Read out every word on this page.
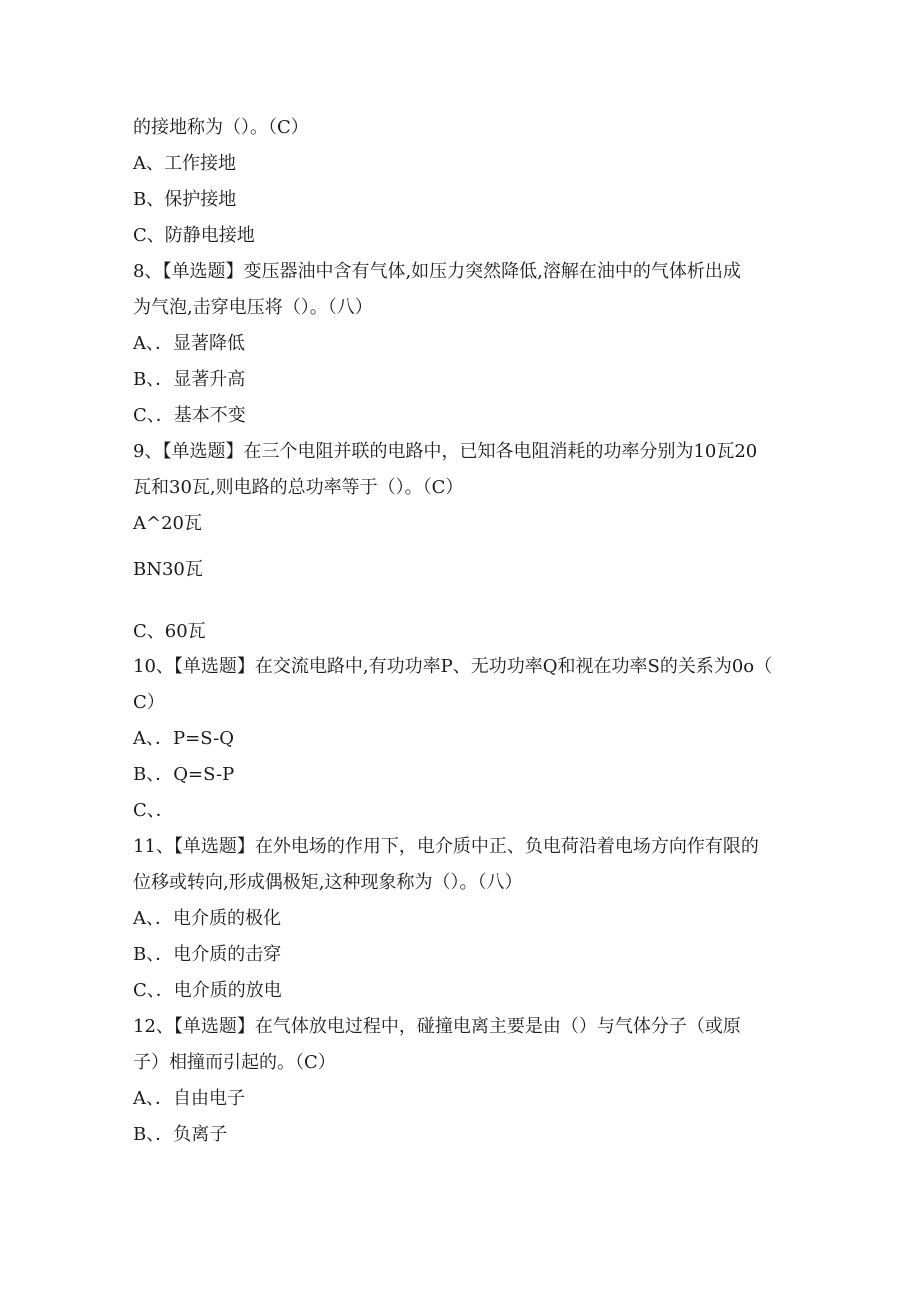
的接地称为（）。（C）
A、工作接地
B、保护接地
C、防静电接地
8、【单选题】变压器油中含有气体,如压力突然降低,溶解在油中的气体析出成
为气泡,击穿电压将（）。（八）
A、．显著降低
B、．显著升高
C、．基本不变
9、【单选题】在三个电阻并联的电路中，已知各电阻消耗的功率分别为10瓦20
瓦和30瓦,则电路的总功率等于（）。（C）
A^20瓦
BN30瓦
C、60瓦
10、【单选题】在交流电路中,有功功率P、无功功率Q和视在功率S的关系为0o（
C）
A、．P=S-Q
B、．Q=S-P
C、．
11、【单选题】在外电场的作用下，电介质中正、负电荷沿着电场方向作有限的
位移或转向,形成偶极矩,这种现象称为（）。（八）
A、．电介质的极化
B、．电介质的击穿
C、．电介质的放电
12、【单选题】在气体放电过程中，碰撞电离主要是由（）与气体分子（或原
子）相撞而引起的。（C）
A、．自由电子
B、．负离子
